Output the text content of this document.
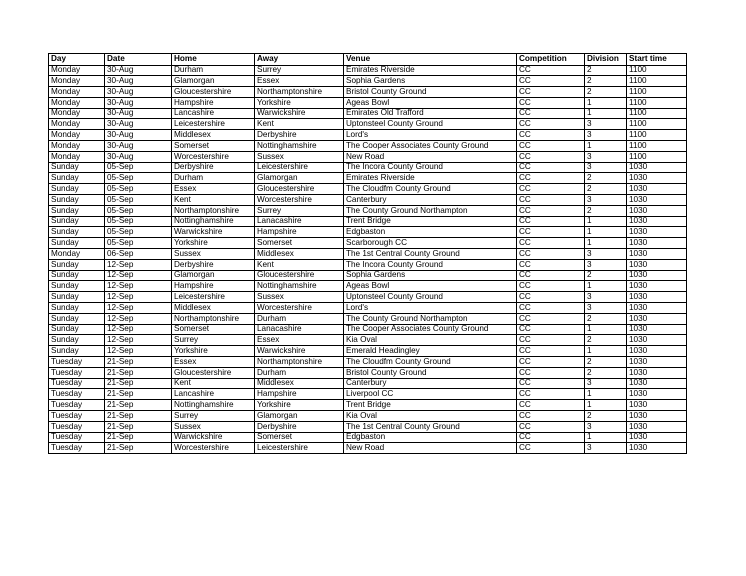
Day	Date	Home	Away	Venue	Competition	Division	Start time
Monday	30-Aug	Durham	Surrey	Emirates Riverside	CC	2	1100
Monday	30-Aug	Glamorgan	Essex	Sophia Gardens	CC	2	1100
Monday	30-Aug	Gloucestershire	Northamptonshire	Bristol County Ground	CC	2	1100
Monday	30-Aug	Hampshire	Yorkshire	Ageas Bowl	CC	1	1100
Monday	30-Aug	Lancashire	Warwickshire	Emirates Old Trafford	CC	1	1100
Monday	30-Aug	Leicestershire	Kent	Uptonsteel County Ground	CC	3	1100
Monday	30-Aug	Middlesex	Derbyshire	Lord's	CC	3	1100
Monday	30-Aug	Somerset	Nottinghamshire	The Cooper Associates County Ground	CC	1	1100
Monday	30-Aug	Worcestershire	Sussex	New Road	CC	3	1100
Sunday	05-Sep	Derbyshire	Leicestershire	The Incora County Ground	CC	3	1030
Sunday	05-Sep	Durham	Glamorgan	Emirates Riverside	CC	2	1030
Sunday	05-Sep	Essex	Gloucestershire	The Cloudfm County Ground	CC	2	1030
Sunday	05-Sep	Kent	Worcestershire	Canterbury	CC	3	1030
Sunday	05-Sep	Northamptonshire	Surrey	The County Ground Northampton	CC	2	1030
Sunday	05-Sep	Nottinghamshire	Lanacashire	Trent Bridge	CC	1	1030
Sunday	05-Sep	Warwickshire	Hampshire	Edgbaston	CC	1	1030
Sunday	05-Sep	Yorkshire	Somerset	Scarborough CC	CC	1	1030
Monday	06-Sep	Sussex	Middlesex	The 1st Central County Ground	CC	3	1030
Sunday	12-Sep	Derbyshire	Kent	The Incora County Ground	CC	3	1030
Sunday	12-Sep	Glamorgan	Gloucestershire	Sophia Gardens	CC	2	1030
Sunday	12-Sep	Hampshire	Nottinghamshire	Ageas Bowl	CC	1	1030
Sunday	12-Sep	Leicestershire	Sussex	Uptonsteel County Ground	CC	3	1030
Sunday	12-Sep	Middlesex	Worcestershire	Lord's	CC	3	1030
Sunday	12-Sep	Northamptonshire	Durham	The County Ground Northampton	CC	2	1030
Sunday	12-Sep	Somerset	Lanacashire	The Cooper Associates County Ground	CC	1	1030
Sunday	12-Sep	Surrey	Essex	Kia Oval	CC	2	1030
Sunday	12-Sep	Yorkshire	Warwickshire	Emerald Headingley	CC	1	1030
Tuesday	21-Sep	Essex	Northamptonshire	The Cloudfm County Ground	CC	2	1030
Tuesday	21-Sep	Gloucestershire	Durham	Bristol County Ground	CC	2	1030
Tuesday	21-Sep	Kent	Middlesex	Canterbury	CC	3	1030
Tuesday	21-Sep	Lancashire	Hampshire	Liverpool CC	CC	1	1030
Tuesday	21-Sep	Nottinghamshire	Yorkshire	Trent Bridge	CC	1	1030
Tuesday	21-Sep	Surrey	Glamorgan	Kia Oval	CC	2	1030
Tuesday	21-Sep	Sussex	Derbyshire	The 1st Central County Ground	CC	3	1030
Tuesday	21-Sep	Warwickshire	Somerset	Edgbaston	CC	1	1030
Tuesday	21-Sep	Worcestershire	Leicestershire	New Road	CC	3	1030
